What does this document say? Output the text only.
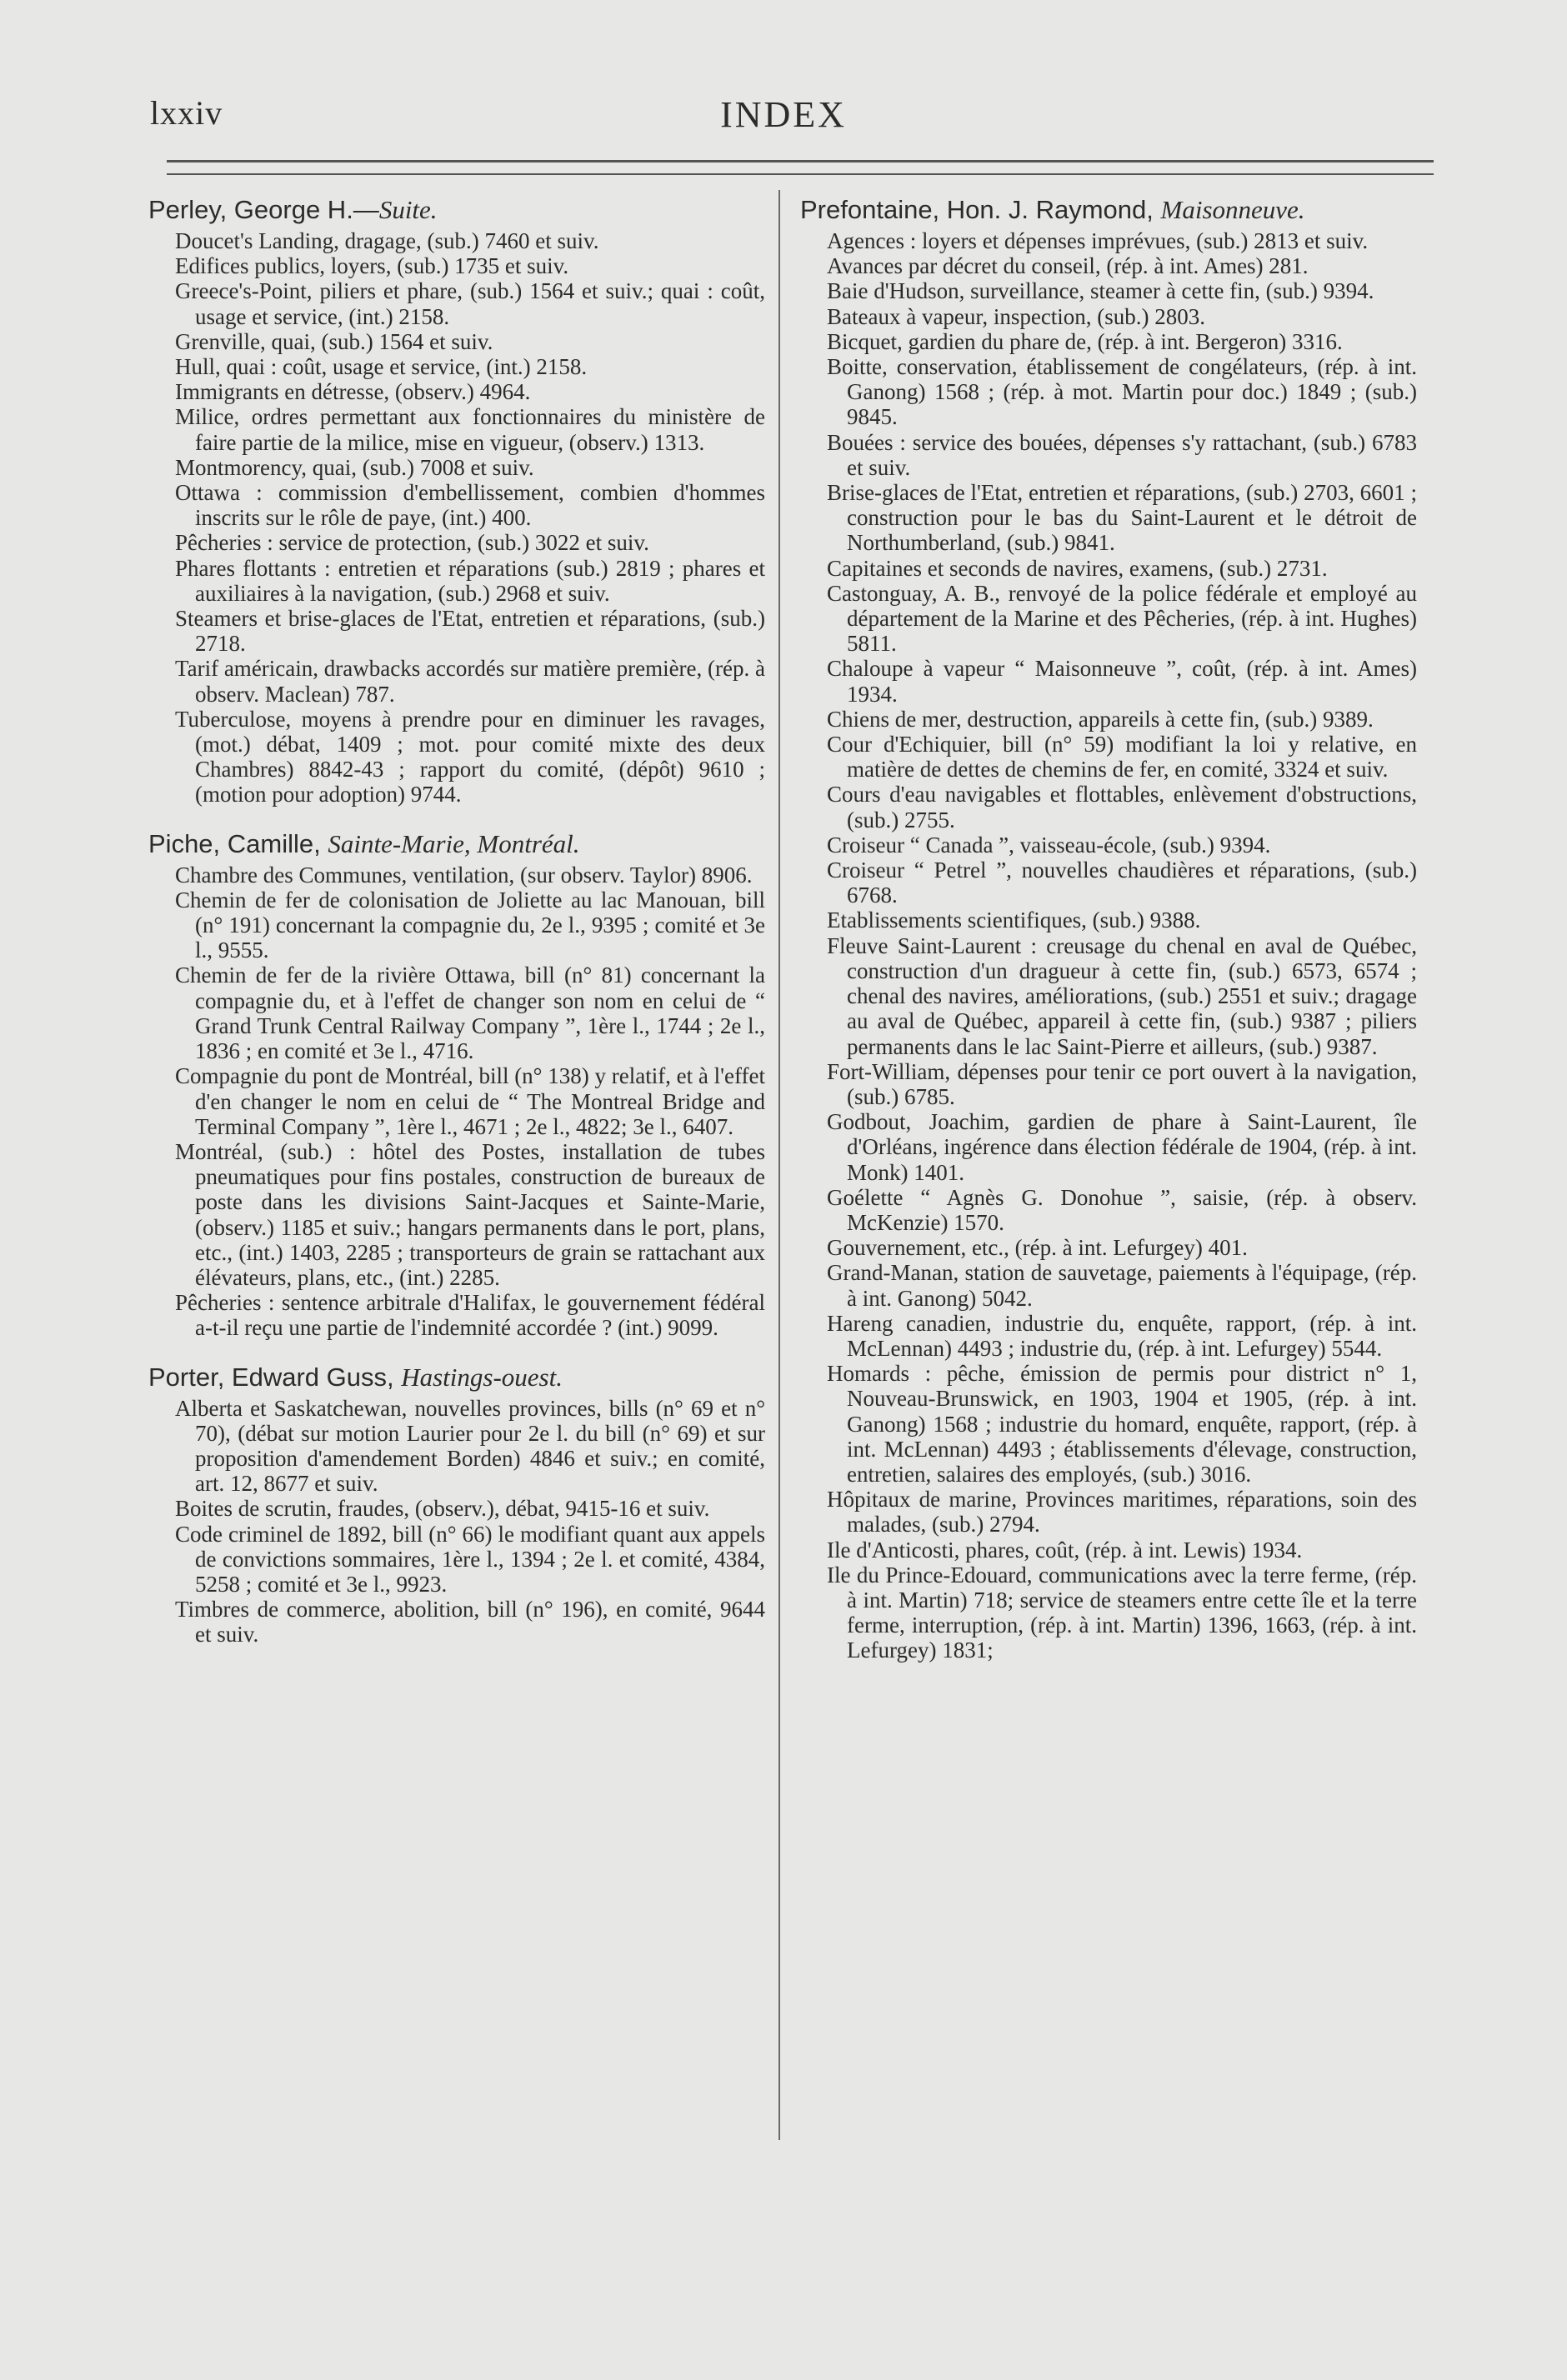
lxxiv	INDEX
Perley, George H.—Suite.
Doucet's Landing, dragage, (sub.) 7460 et suiv.
Edifices publics, loyers, (sub.) 1735 et suiv.
Greece's-Point, piliers et phare, (sub.) 1564 et suiv.; quai : coût, usage et service, (int.) 2158.
Grenville, quai, (sub.) 1564 et suiv.
Hull, quai : coût, usage et service, (int.) 2158.
Immigrants en détresse, (observ.) 4964.
Milice, ordres permettant aux fonctionnaires du ministère de faire partie de la milice, mise en vigueur, (observ.) 1313.
Montmorency, quai, (sub.) 7008 et suiv.
Ottawa : commission d'embellissement, combien d'hommes inscrits sur le rôle de paye, (int.) 400.
Pêcheries : service de protection, (sub.) 3022 et suiv.
Phares flottants : entretien et réparations (sub.) 2819 ; phares et auxiliaires à la navigation, (sub.) 2968 et suiv.
Steamers et brise-glaces de l'Etat, entretien et réparations, (sub.) 2718.
Tarif américain, drawbacks accordés sur matière première, (rép. à observ. Maclean) 787.
Tuberculose, moyens à prendre pour en diminuer les ravages, (mot.) débat, 1409 ; mot. pour comité mixte des deux Chambres) 8842-43 ; rapport du comité, (dépôt) 9610 ; (motion pour adoption) 9744.
Piche, Camille, Sainte-Marie, Montréal.
Chambre des Communes, ventilation, (sur observ. Taylor) 8906.
Chemin de fer de colonisation de Joliette au lac Manouan, bill (n° 191) concernant la compagnie du, 2e l., 9395 ; comité et 3e l., 9555.
Chemin de fer de la rivière Ottawa, bill (n° 81) concernant la compagnie du, et à l'effet de changer son nom en celui de “ Grand Trunk Central Railway Company ”, 1ère l., 1744 ; 2e l., 1836 ; en comité et 3e l., 4716.
Compagnie du pont de Montréal, bill (n° 138) y relatif, et à l'effet d'en changer le nom en celui de “ The Montreal Bridge and Terminal Company ”, 1ère l., 4671 ; 2e l., 4822; 3e l., 6407.
Montréal, (sub.) : hôtel des Postes, installation de tubes pneumatiques pour fins postales, construction de bureaux de poste dans les divisions Saint-Jacques et Sainte-Marie, (observ.) 1185 et suiv.; hangars permanents dans le port, plans, etc., (int.) 1403, 2285 ; transporteurs de grain se rattachant aux élévateurs, plans, etc., (int.) 2285.
Pêcheries : sentence arbitrale d'Halifax, le gouvernement fédéral a-t-il reçu une partie de l'indemnité accordée ? (int.) 9099.
Porter, Edward Guss, Hastings-ouest.
Alberta et Saskatchewan, nouvelles provinces, bills (n° 69 et n° 70), (débat sur motion Laurier pour 2e l. du bill (n° 69) et sur proposition d'amendement Borden) 4846 et suiv.; en comité, art. 12, 8677 et suiv.
Boites de scrutin, fraudes, (observ.), débat, 9415-16 et suiv.
Code criminel de 1892, bill (n° 66) le modifiant quant aux appels de convictions sommaires, 1ère l., 1394 ; 2e l. et comité, 4384, 5258 ; comité et 3e l., 9923.
Timbres de commerce, abolition, bill (n° 196), en comité, 9644 et suiv.
Prefontaine, Hon. J. Raymond, Maisonneuve.
Agences : loyers et dépenses imprévues, (sub.) 2813 et suiv.
Avances par décret du conseil, (rép. à int. Ames) 281.
Baie d'Hudson, surveillance, steamer à cette fin, (sub.) 9394.
Bateaux à vapeur, inspection, (sub.) 2803.
Bicquet, gardien du phare de, (rép. à int. Bergeron) 3316.
Boitte, conservation, établissement de congélateurs, (rép. à int. Ganong) 1568 ; (rép. à mot. Martin pour doc.) 1849 ; (sub.) 9845.
Bouées : service des bouées, dépenses s'y rattachant, (sub.) 6783 et suiv.
Brise-glaces de l'Etat, entretien et réparations, (sub.) 2703, 6601 ; construction pour le bas du Saint-Laurent et le détroit de Northumberland, (sub.) 9841.
Capitaines et seconds de navires, examens, (sub.) 2731.
Castonguay, A. B., renvoyé de la police fédérale et employé au département de la Marine et des Pêcheries, (rép. à int. Hughes) 5811.
Chaloupe à vapeur “ Maisonneuve ”, coût, (rép. à int. Ames) 1934.
Chiens de mer, destruction, appareils à cette fin, (sub.) 9389.
Cour d'Echiquier, bill (n° 59) modifiant la loi y relative, en matière de dettes de chemins de fer, en comité, 3324 et suiv.
Cours d'eau navigables et flottables, enlèvement d'obstructions, (sub.) 2755.
Croiseur “ Canada ”, vaisseau-école, (sub.) 9394.
Croiseur “ Petrel ”, nouvelles chaudières et réparations, (sub.) 6768.
Etablissements scientifiques, (sub.) 9388.
Fleuve Saint-Laurent : creusage du chenal en aval de Québec, construction d'un dragueur à cette fin, (sub.) 6573, 6574 ; chenal des navires, améliorations, (sub.) 2551 et suiv.; dragage au aval de Québec, appareil à cette fin, (sub.) 9387 ; piliers permanents dans le lac Saint-Pierre et ailleurs, (sub.) 9387.
Fort-William, dépenses pour tenir ce port ouvert à la navigation, (sub.) 6785.
Godbout, Joachim, gardien de phare à Saint-Laurent, île d'Orléans, ingérence dans élection fédérale de 1904, (rép. à int. Monk) 1401.
Goélette “ Agnès G. Donohue ”, saisie, (rép. à observ. McKenzie) 1570.
Gouvernement, etc., (rép. à int. Lefurgey) 401.
Grand-Manan, station de sauvetage, paiements à l'équipage, (rép. à int. Ganong) 5042.
Hareng canadien, industrie du, enquête, rapport, (rép. à int. McLennan) 4493 ; industrie du, (rép. à int. Lefurgey) 5544.
Homards : pêche, émission de permis pour district n° 1, Nouveau-Brunswick, en 1903, 1904 et 1905, (rép. à int. Ganong) 1568 ; industrie du homard, enquête, rapport, (rép. à int. McLennan) 4493 ; établissements d'élevage, construction, entretien, salaires des employés, (sub.) 3016.
Hôpitaux de marine, Provinces maritimes, réparations, soin des malades, (sub.) 2794.
Ile d'Anticosti, phares, coût, (rép. à int. Lewis) 1934.
Ile du Prince-Edouard, communications avec la terre ferme, (rép. à int. Martin) 718; service de steamers entre cette île et la terre ferme, interruption, (rép. à int. Martin) 1396, 1663, (rép. à int. Lefurgey) 1831;
